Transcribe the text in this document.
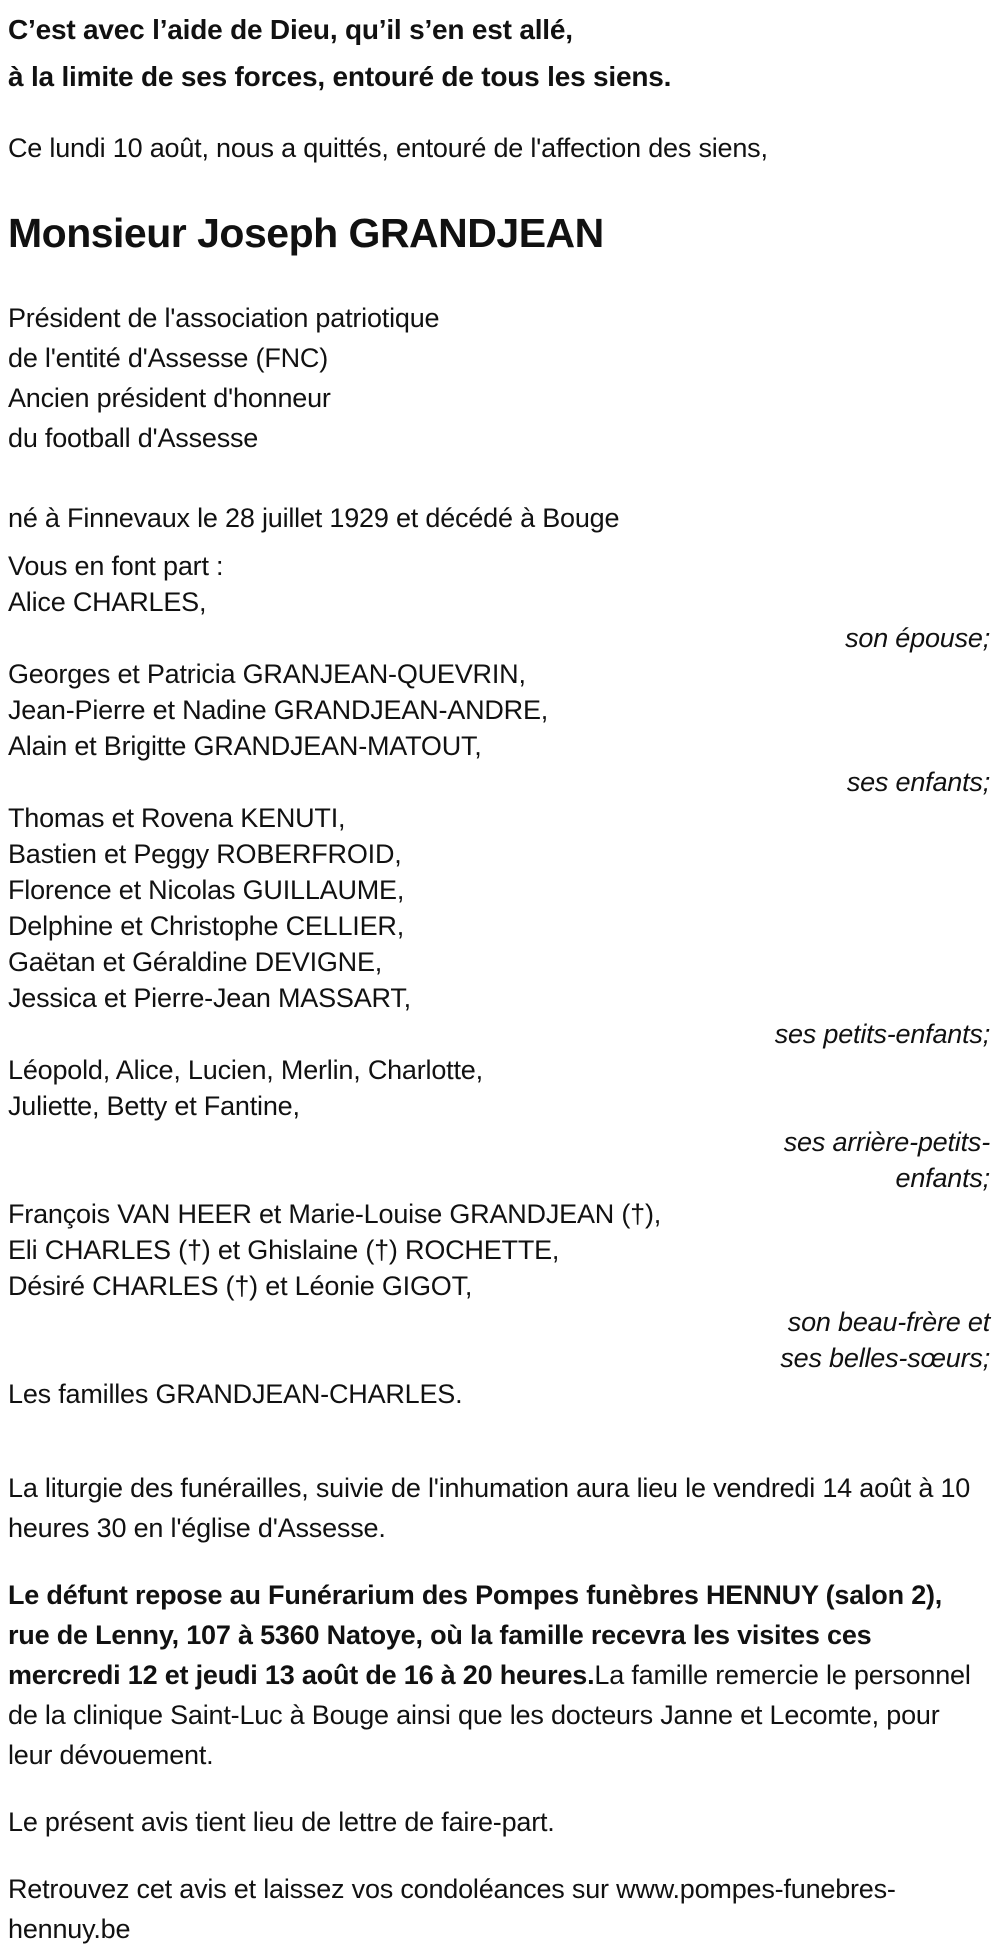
C’est avec l’aide de Dieu, qu’il s’en est allé,
à la limite de ses forces, entouré de tous les siens.
Ce lundi 10 août, nous a quittés, entouré de l'affection des siens,
Monsieur Joseph GRANDJEAN
Président de l'association patriotique
de l'entité d'Assesse (FNC)
Ancien président d'honneur
du football d'Assesse
né à Finnevaux le 28 juillet 1929 et décédé à Bouge
Vous en font part :
Alice CHARLES,
son épouse;
Georges et Patricia GRANJEAN-QUEVRIN,
Jean-Pierre et Nadine GRANDJEAN-ANDRE,
Alain et Brigitte GRANDJEAN-MATOUT,
ses enfants;
Thomas et Rovena KENUTI,
Bastien et Peggy ROBERFROID,
Florence et Nicolas GUILLAUME,
Delphine et Christophe CELLIER,
Gaëtan et Géraldine DEVIGNE,
Jessica et Pierre-Jean MASSART,
ses petits-enfants;
Léopold, Alice, Lucien, Merlin, Charlotte,
Juliette, Betty et Fantine,
ses arrière-petits-
enfants;
François VAN HEER et Marie-Louise GRANDJEAN (†),
Eli CHARLES (†) et Ghislaine (†) ROCHETTE,
Désiré CHARLES (†) et Léonie GIGOT,
son beau-frère et
ses belles-sœurs;
Les familles GRANDJEAN-CHARLES.

La liturgie des funérailles, suivie de l'inhumation aura lieu le vendredi 14 août à 10 heures 30 en l'église d'Assesse.

Le défunt repose au Funérarium des Pompes funèbres HENNUY (salon 2), rue de Lenny, 107 à 5360 Natoye, où la famille recevra les visites ces mercredi 12 et jeudi 13 août de 16 à 20 heures.La famille remercie le personnel de la clinique Saint-Luc à Bouge ainsi que les docteurs Janne et Lecomte, pour leur dévouement.

Le présent avis tient lieu de lettre de faire-part.

Retrouvez cet avis et laissez vos condoléances sur www.pompes-funebres-hennuy.be
